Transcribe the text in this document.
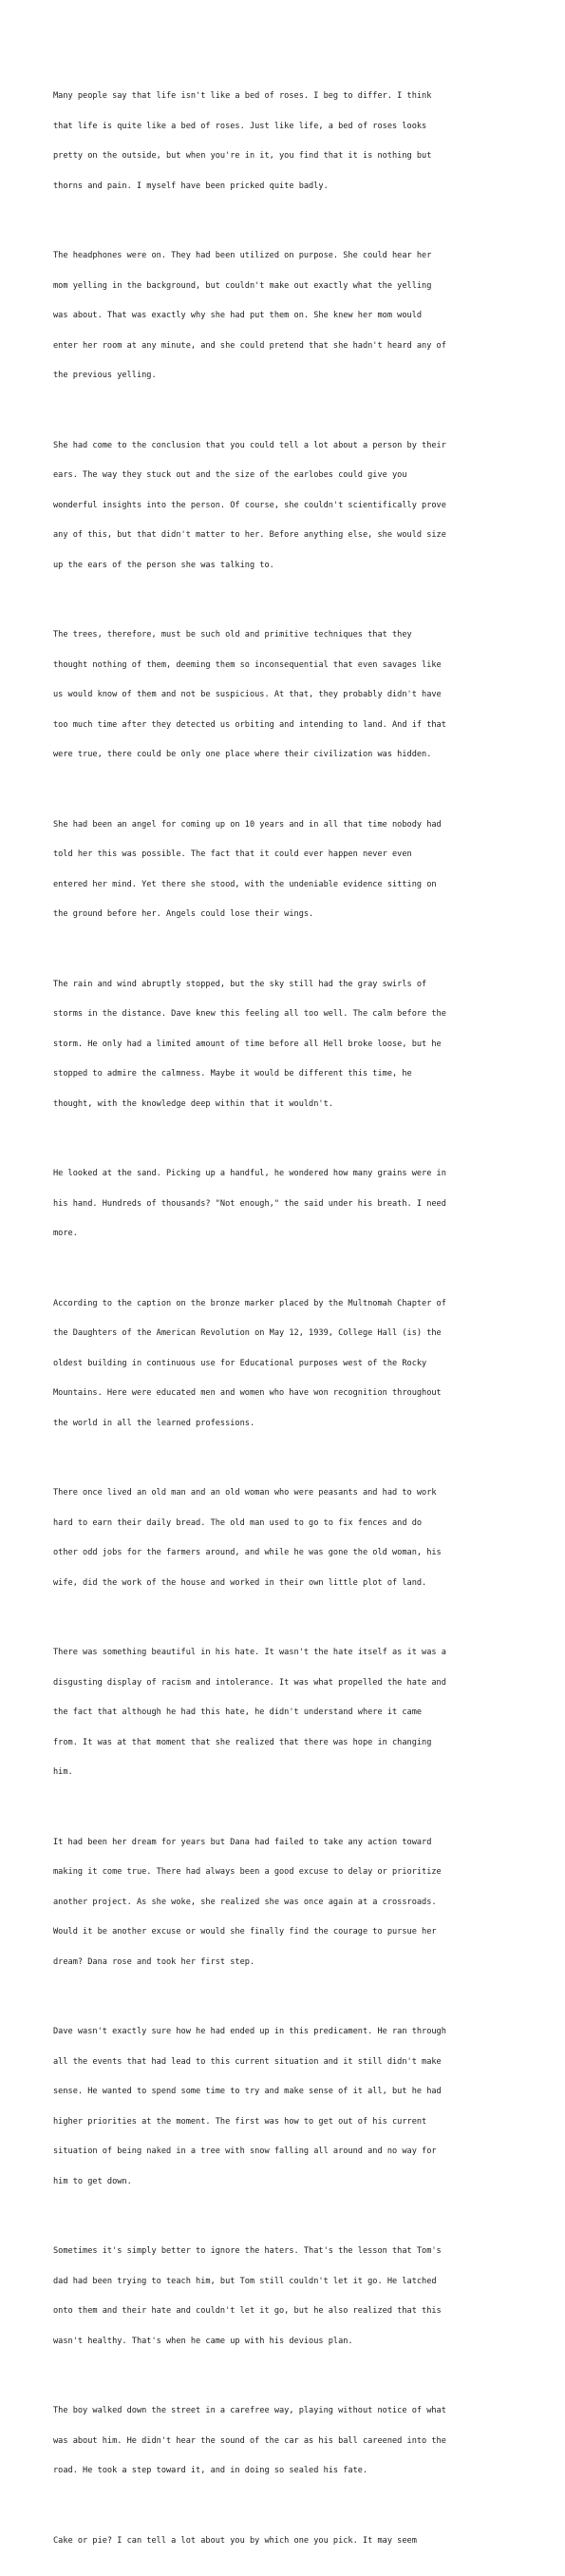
Many people say that life isn't like a bed of roses. I beg to differ. I think

that life is quite like a bed of roses. Just like life, a bed of roses looks

pretty on the outside, but when you're in it, you find that it is nothing but

thorns and pain. I myself have been pricked quite badly.

The headphones were on. They had been utilized on purpose. She could hear her

mom yelling in the background, but couldn't make out exactly what the yelling

was about. That was exactly why she had put them on. She knew her mom would

enter her room at any minute, and she could pretend that she hadn't heard any of

the previous yelling.

She had come to the conclusion that you could tell a lot about a person by their

ears. The way they stuck out and the size of the earlobes could give you

wonderful insights into the person. Of course, she couldn't scientifically prove

any of this, but that didn't matter to her. Before anything else, she would size

up the ears of the person she was talking to.

The trees, therefore, must be such old and primitive techniques that they

thought nothing of them, deeming them so inconsequential that even savages like

us would know of them and not be suspicious. At that, they probably didn't have

too much time after they detected us orbiting and intending to land. And if that

were true, there could be only one place where their civilization was hidden.

She had been an angel for coming up on 10 years and in all that time nobody had

told her this was possible. The fact that it could ever happen never even

entered her mind. Yet there she stood, with the undeniable evidence sitting on

the ground before her. Angels could lose their wings.

The rain and wind abruptly stopped, but the sky still had the gray swirls of

storms in the distance. Dave knew this feeling all too well. The calm before the

storm. He only had a limited amount of time before all Hell broke loose, but he

stopped to admire the calmness. Maybe it would be different this time, he

thought, with the knowledge deep within that it wouldn't.

He looked at the sand. Picking up a handful, he wondered how many grains were in

his hand. Hundreds of thousands? "Not enough," the said under his breath. I need

more.

According to the caption on the bronze marker placed by the Multnomah Chapter of

the Daughters of the American Revolution on May 12, 1939, College Hall (is) the

oldest building in continuous use for Educational purposes west of the Rocky

Mountains. Here were educated men and women who have won recognition throughout

the world in all the learned professions.

There once lived an old man and an old woman who were peasants and had to work

hard to earn their daily bread. The old man used to go to fix fences and do

other odd jobs for the farmers around, and while he was gone the old woman, his

wife, did the work of the house and worked in their own little plot of land.

There was something beautiful in his hate. It wasn't the hate itself as it was a

disgusting display of racism and intolerance. It was what propelled the hate and

the fact that although he had this hate, he didn't understand where it came

from. It was at that moment that she realized that there was hope in changing

him.

It had been her dream for years but Dana had failed to take any action toward

making it come true. There had always been a good excuse to delay or prioritize

another project. As she woke, she realized she was once again at a crossroads.

Would it be another excuse or would she finally find the courage to pursue her

dream? Dana rose and took her first step.

Dave wasn't exactly sure how he had ended up in this predicament. He ran through

all the events that had lead to this current situation and it still didn't make

sense. He wanted to spend some time to try and make sense of it all, but he had

higher priorities at the moment. The first was how to get out of his current

situation of being naked in a tree with snow falling all around and no way for

him to get down.

Sometimes it's simply better to ignore the haters. That's the lesson that Tom's

dad had been trying to teach him, but Tom still couldn't let it go. He latched

onto them and their hate and couldn't let it go, but he also realized that this

wasn't healthy. That's when he came up with his devious plan.

The boy walked down the street in a carefree way, playing without notice of what

was about him. He didn't hear the sound of the car as his ball careened into the

road. He took a step toward it, and in doing so sealed his fate.

Cake or pie? I can tell a lot about you by which one you pick. It may seem
